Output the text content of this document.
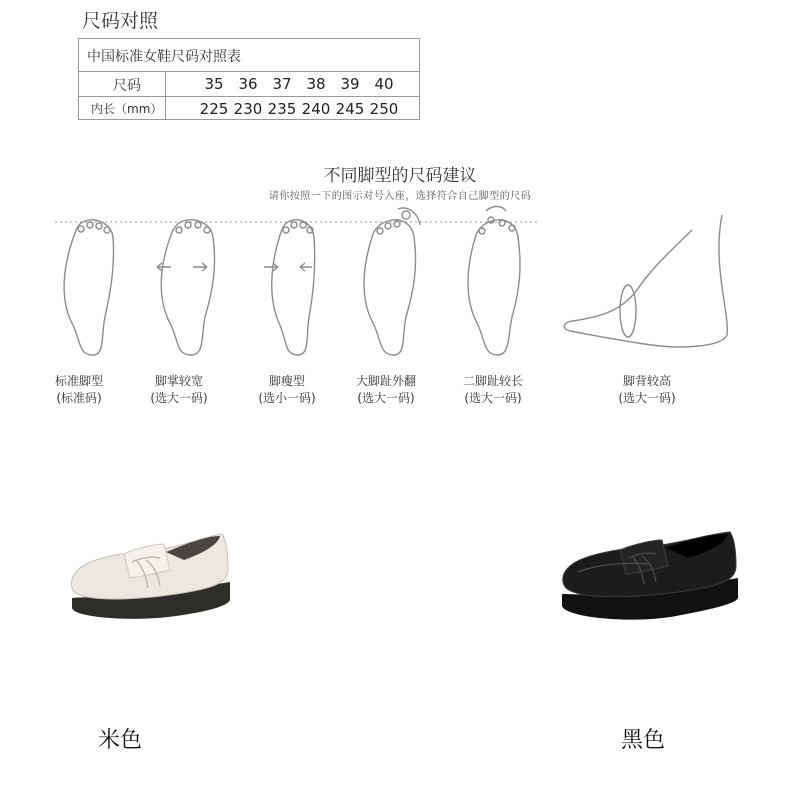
尺码对照
中国标准女鞋尺码对照表
尺码
内长（mm）
35 36 37 38 39 40
225 230 235 240 245 250
不同脚型的尺码建议
请你按照一下的图示对号入座，选择符合自己脚型的尺码
标准脚型
(标准码)
脚掌较宽
(选大一码)
脚瘦型
(选小一码)
大脚趾外翻
(选大一码)
二脚趾较长
(选大一码)
脚背较高
(选大一码)
米色	黑色
